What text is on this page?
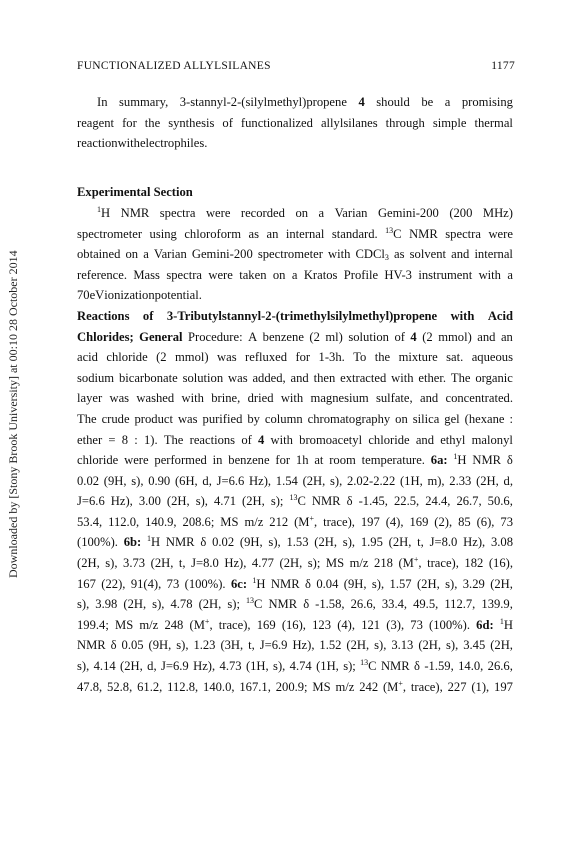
FUNCTIONALIZED ALLYLSILANES	1177
Downloaded by [Stony Brook University] at 00:10 28 October 2014
In summary, 3-stannyl-2-(silylmethyl)propene 4 should be a promising
reagent for the synthesis of functionalized allylsilanes through simple thermal
reaction with electrophiles.
Experimental Section
$^1$H NMR spectra were recorded on a Varian Gemini-200 (200 MHz)
spectrometer using chloroform as an internal standard. $^{13}$C NMR spectra were
obtained on a Varian Gemini-200 spectrometer with CDCl$_3$ as solvent and internal
reference. Mass spectra were taken on a Kratos Profile HV-3 instrument with a
70 eV ionization potential.
Reactions of 3-Tributylstannyl-2-(trimethylsilylmethyl)propene with Acid
Chlorides; General Procedure: A benzene (2 ml) solution of 4 (2 mmol) and an
acid chloride (2 mmol) was refluxed for 1-3h. To the mixture sat. aqueous
sodium bicarbonate solution was added, and then extracted with ether. The organic
layer was washed with brine, dried with magnesium sulfate, and concentrated.
The crude product was purified by column chromatography on silica gel (hexane :
ether = 8 : 1). The reactions of 4 with bromoacetyl chloride and ethyl malonyl
chloride were performed in benzene for 1h at room temperature. 6a: $^1$H NMR δ
0.02 (9H, s), 0.90 (6H, d, J=6.6 Hz), 1.54 (2H, s), 2.02-2.22 (1H, m), 2.33 (2H, d,
J=6.6 Hz), 3.00 (2H, s), 4.71 (2H, s); $^{13}$C NMR δ -1.45, 22.5, 24.4, 26.7, 50.6,
53.4, 112.0, 140.9, 208.6; MS m/z 212 (M+, trace), 197 (4), 169 (2), 85 (6), 73
(100%). 6b: $^1$H NMR δ 0.02 (9H, s), 1.53 (2H, s), 1.95 (2H, t, J=8.0 Hz), 3.08
(2H, s), 3.73 (2H, t, J=8.0 Hz), 4.77 (2H, s); MS m/z 218 (M+, trace), 182 (16),
167 (22), 91(4), 73 (100%). 6c: $^1$H NMR δ 0.04 (9H, s), 1.57 (2H, s), 3.29 (2H,
s), 3.98 (2H, s), 4.78 (2H, s); $^{13}$C NMR δ -1.58, 26.6, 33.4, 49.5, 112.7, 139.9,
199.4; MS m/z 248 (M+, trace), 169 (16), 123 (4), 121 (3), 73 (100%). 6d: $^1$H
NMR δ 0.05 (9H, s), 1.23 (3H, t, J=6.9 Hz), 1.52 (2H, s), 3.13 (2H, s), 3.45 (2H,
s), 4.14 (2H, d, J=6.9 Hz), 4.73 (1H, s), 4.74 (1H, s); $^{13}$C NMR δ -1.59, 14.0, 26.6,
47.8, 52.8, 61.2, 112.8, 140.0, 167.1, 200.9; MS m/z 242 (M+, trace), 227 (1), 197
